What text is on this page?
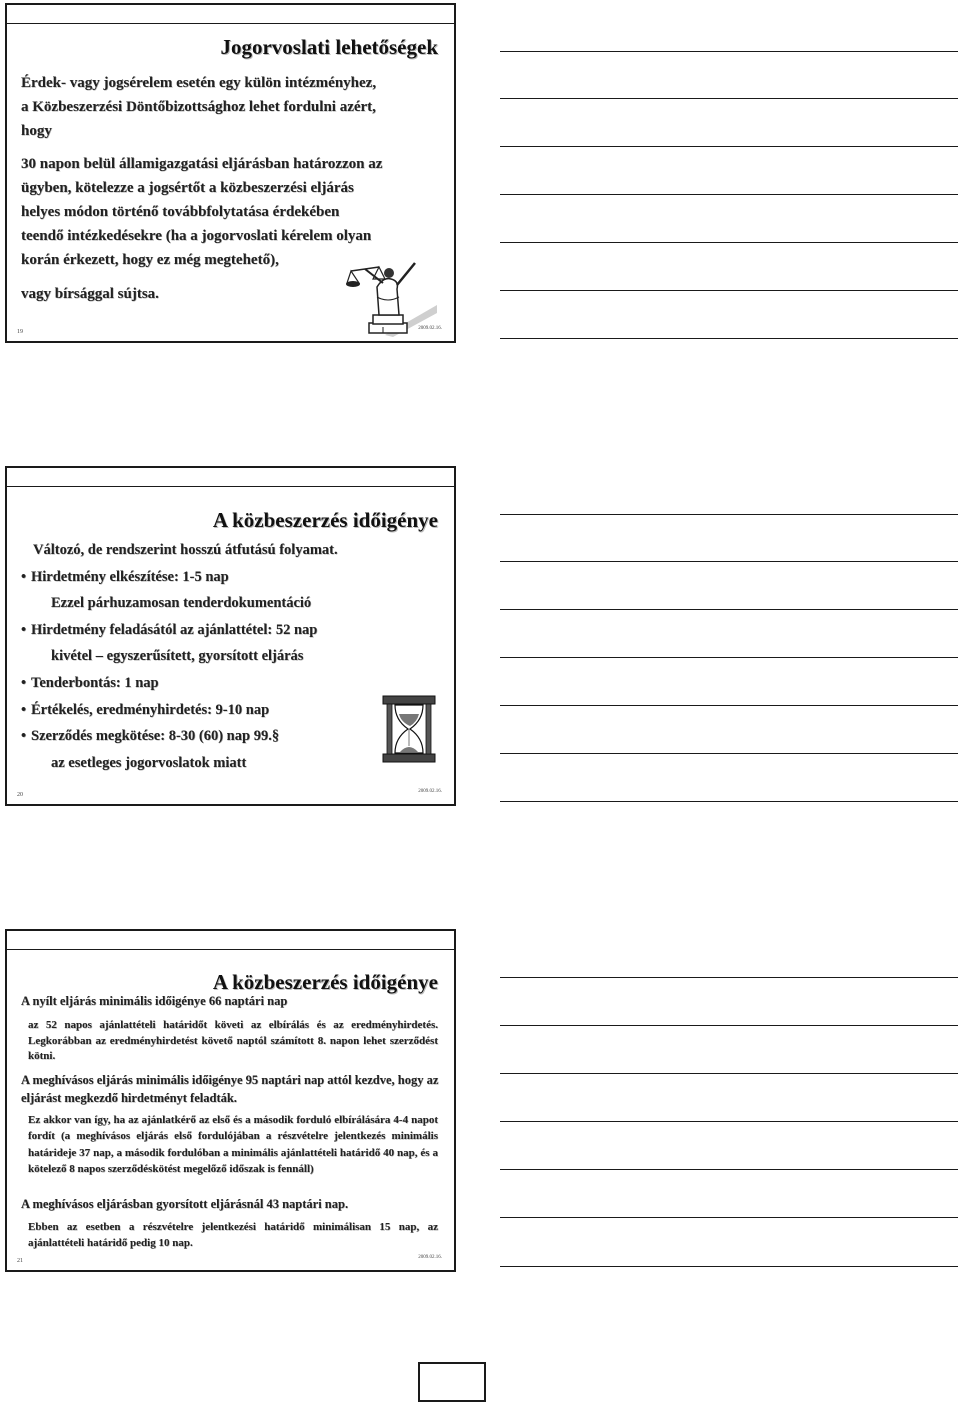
Jogorvoslati lehetőségek
Érdek- vagy jogsérelem esetén egy külön intézményhez,
a Közbeszerzési Döntőbizottsághoz lehet fordulni azért,
hogy
30 napon belül államigazgatási eljárásban határozzon az
ügyben, kötelezze a jogsértőt a közbeszerzési eljárás
helyes módon történő továbbfolytatása érdekében
teendő intézkedésekre (ha a jogorvoslati kérelem olyan
korán érkezett, hogy ez még megtehető),
vagy bírsággal sújtsa.
19
2009.02.16.
A közbeszerzés időigénye
Változó, de rendszerint hosszú átfutású folyamat.
• Hirdetmény elkészítése: 1-5 nap
Ezzel párhuzamosan tenderdokumentáció
• Hirdetmény feladásától az ajánlattétel: 52 nap
kivétel – egyszerűsített, gyorsított eljárás
• Tenderbontás: 1 nap
• Értékelés, eredményhirdetés: 9-10 nap
• Szerződés megkötése: 8-30 (60) nap 99.§
az esetleges jogorvoslatok miatt
20
2009.02.16.
A közbeszerzés időigénye
A nyílt eljárás minimális időigénye 66 naptári nap
az 52 napos ajánlattételi határidőt követi az elbírálás és az eredményhirdetés. Legkorábban az eredményhirdetést követő naptól számított 8. napon lehet szerződést kötni.
A meghívásos eljárás minimális időigénye 95 naptári nap attól kezdve, hogy az eljárást megkezdő hirdetményt feladták.
Ez akkor van így, ha az ajánlatkérő az első és a második forduló elbírálására 4-4 napot fordít (a meghívásos eljárás első fordulójában a részvételre jelentkezés minimális határideje 37 nap, a második fordulóban a minimális ajánlattételi határidő 40 nap, és a kötelező 8 napos szerződéskötést megelőző időszak is fennáll)
A meghívásos eljárásban gyorsított eljárásnál 43 naptári nap.
Ebben az esetben a részvételre jelentkezési határidő minimálisan 15 nap, az ajánlattételi határidő pedig 10 nap.
21
2009.02.16.
